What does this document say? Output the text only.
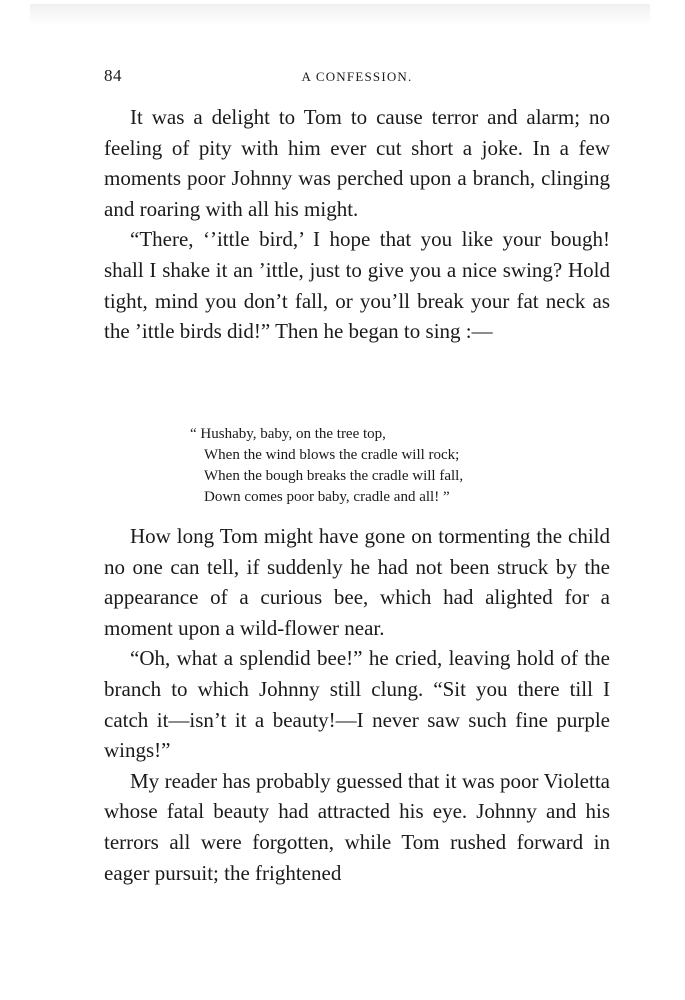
84	A CONFESSION.

It was a delight to Tom to cause terror and alarm; no feeling of pity with him ever cut short a joke. In a few moments poor Johnny was perched upon a branch, clinging and roaring with all his might.

“There, ‘’ittle bird,’ I hope that you like your bough! shall I shake it an ’ittle, just to give you a nice swing? Hold tight, mind you don’t fall, or you’ll break your fat neck as the ’ittle birds did!” Then he began to sing :—

“ Hushaby, baby, on the tree top,
When the wind blows the cradle will rock;
When the bough breaks the cradle will fall,
Down comes poor baby, cradle and all! ”

How long Tom might have gone on tormenting the child no one can tell, if suddenly he had not been struck by the appearance of a curious bee, which had alighted for a moment upon a wild-flower near.

“Oh, what a splendid bee!” he cried, leaving hold of the branch to which Johnny still clung. “Sit you there till I catch it—isn’t it a beauty!—I never saw such fine purple wings!”

My reader has probably guessed that it was poor Violetta whose fatal beauty had attracted his eye. Johnny and his terrors all were forgotten, while Tom rushed forward in eager pursuit; the frightened
